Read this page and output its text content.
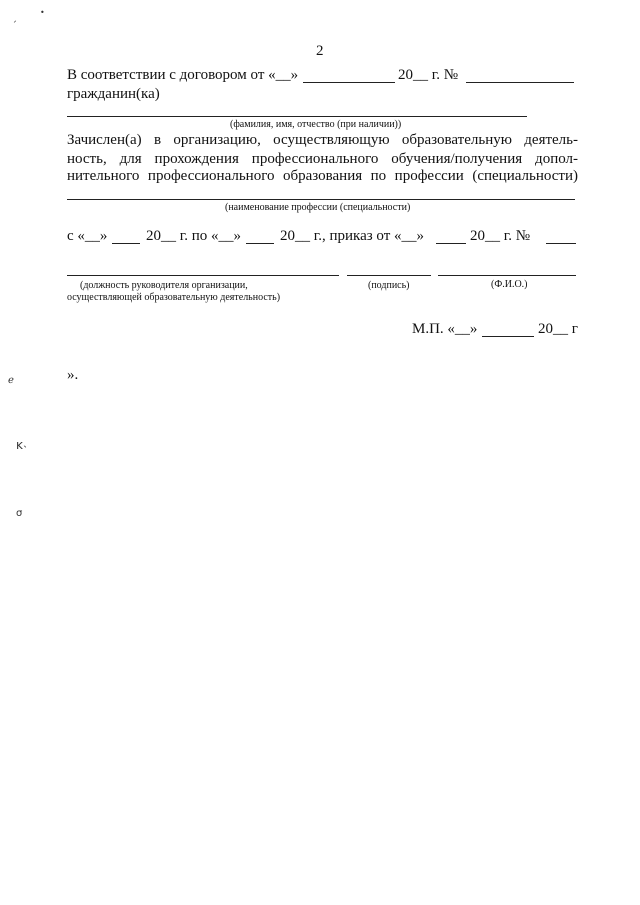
ˏ	•
ℯ
ĸ˴
σ
2
В соответствии с договором от «__»	20__ г. №
гражданин(ка)
(фамилия, имя, отчество (при наличии))
Зачислен(а) в организацию, осуществляющую образовательную деятель-
ность, для прохождения профессионального обучения/получения допол-
нительного профессионального образования по профессии (специальности)
(наименование профессии (специальности)
с «__»	20__ г. по «__»	20__ г., приказ от «__»	20__ г. №
(должность руководителя организации,
осуществляющей образовательную деятельность)
(подпись)	(Ф.И.О.)
М.П. «__»	20__ г
».
